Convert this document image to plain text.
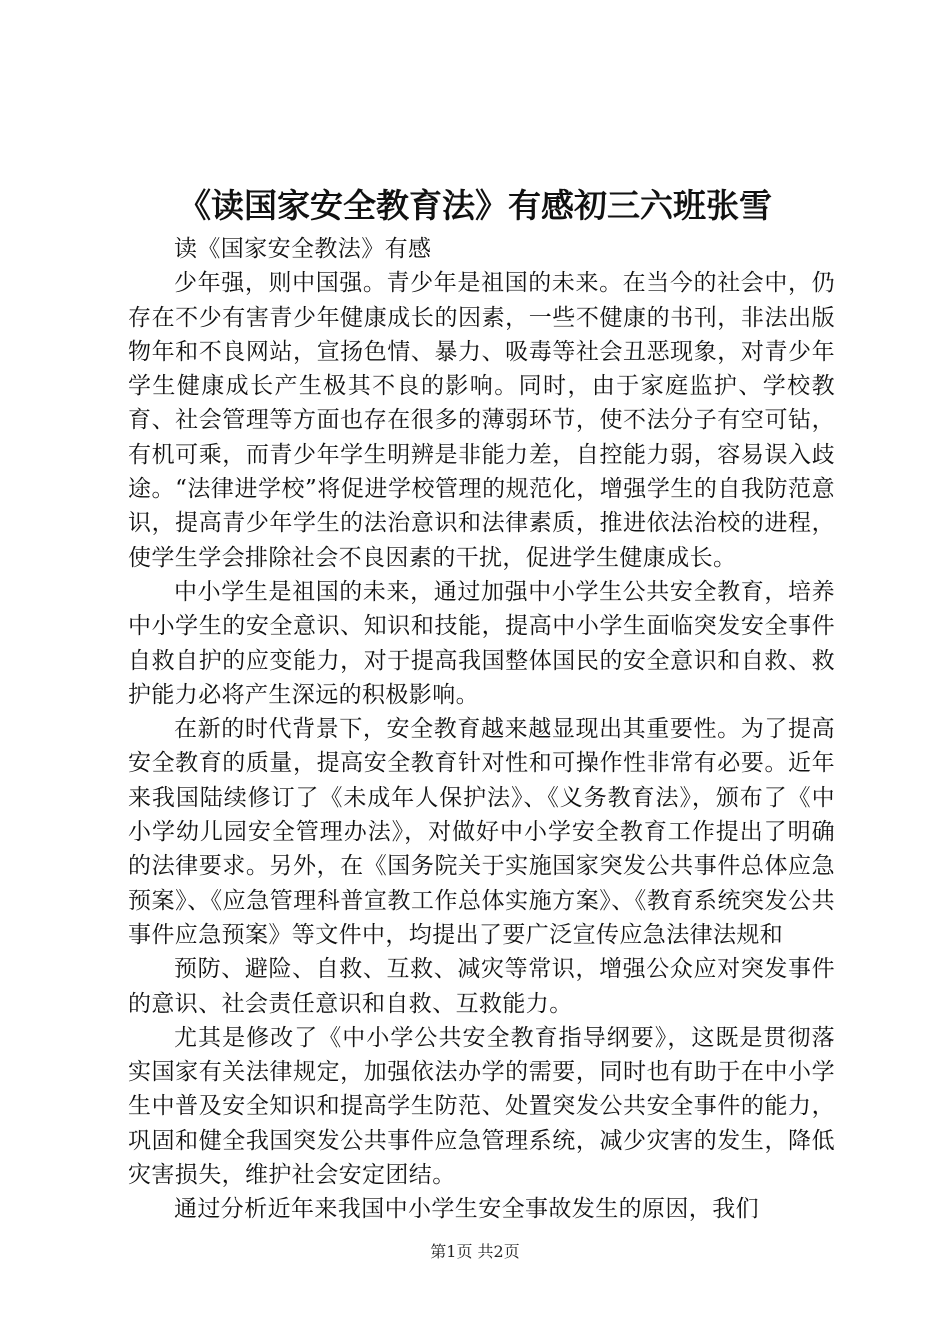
《读国家安全教育法》有感初三六班张雪

读《国家安全教法》有感

少年强，则中国强。青少年是祖国的未来。在当今的社会中，仍存在不少有害青少年健康成长的因素，一些不健康的书刊，非法出版物年和不良网站，宣扬色情、暴力、吸毒等社会丑恶现象，对青少年学生健康成长产生极其不良的影响。同时，由于家庭监护、学校教育、社会管理等方面也存在很多的薄弱环节，使不法分子有空可钻，有机可乘，而青少年学生明辨是非能力差，自控能力弱，容易误入歧途。“法律进学校”将促进学校管理的规范化，增强学生的自我防范意识，提高青少年学生的法治意识和法律素质，推进依法治校的进程，使学生学会排除社会不良因素的干扰，促进学生健康成长。

中小学生是祖国的未来，通过加强中小学生公共安全教育，培养中小学生的安全意识、知识和技能，提高中小学生面临突发安全事件自救自护的应变能力，对于提高我国整体国民的安全意识和自救、救护能力必将产生深远的积极影响。

在新的时代背景下，安全教育越来越显现出其重要性。为了提高安全教育的质量，提高安全教育针对性和可操作性非常有必要。近年来我国陆续修订了《未成年人保护法》、《义务教育法》，颁布了《中小学幼儿园安全管理办法》，对做好中小学安全教育工作提出了明确的法律要求。另外，在《国务院关于实施国家突发公共事件总体应急预案》、《应急管理科普宣教工作总体实施方案》、《教育系统突发公共事件应急预案》等文件中，均提出了要广泛宣传应急法律法规和

预防、避险、自救、互救、减灾等常识，增强公众应对突发事件的意识、社会责任意识和自救、互救能力。

尤其是修改了《中小学公共安全教育指导纲要》，这既是贯彻落实国家有关法律规定，加强依法办学的需要，同时也有助于在中小学生中普及安全知识和提高学生防范、处置突发公共安全事件的能力，巩固和健全我国突发公共事件应急管理系统，减少灾害的发生，降低灾害损失，维护社会安定团结。

通过分析近年来我国中小学生安全事故发生的原因，我们

第1页 共2页
